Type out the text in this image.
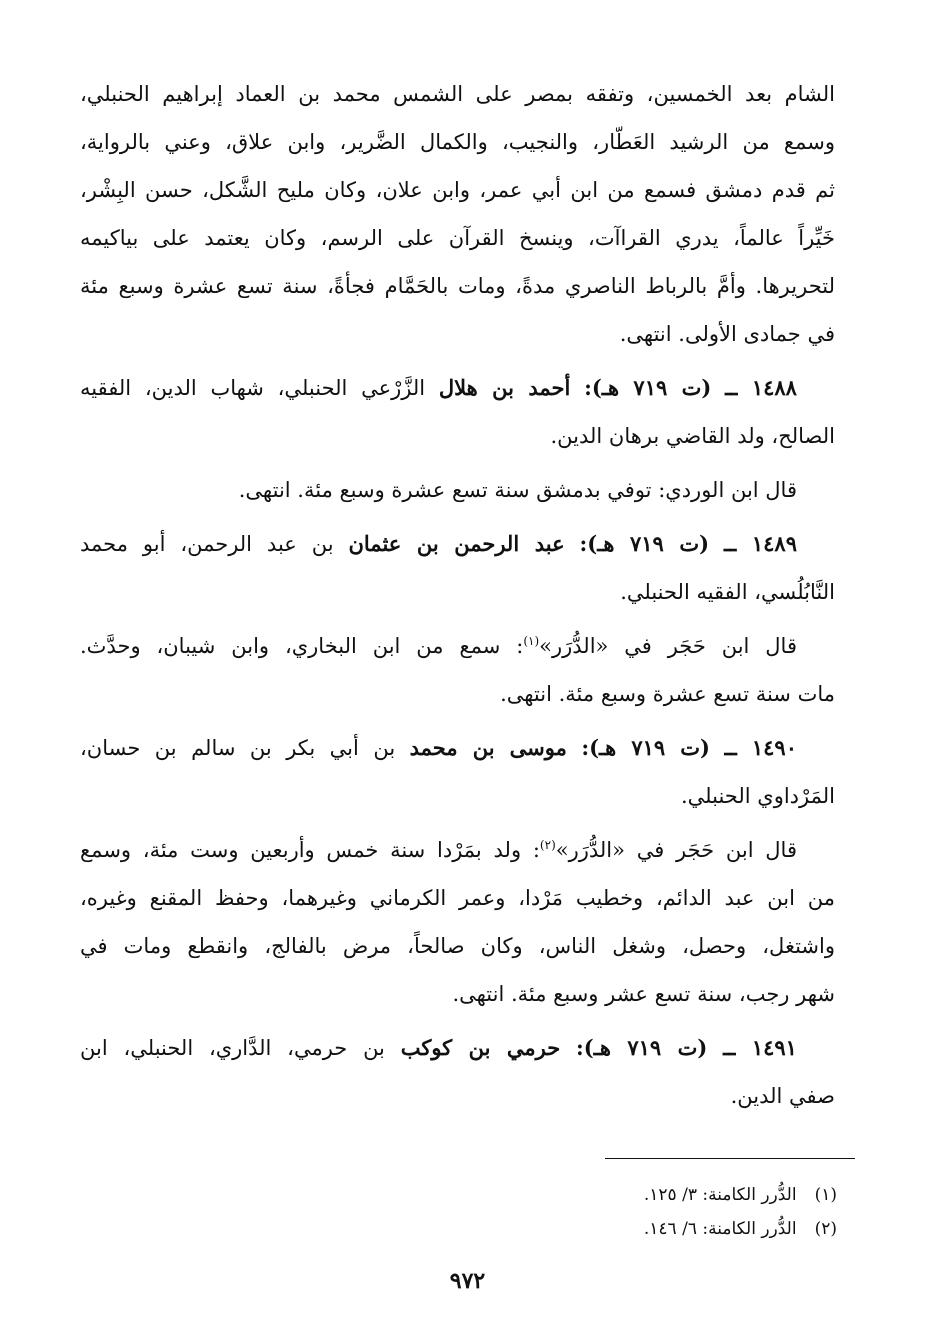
الشام بعد الخمسين، وتفقه بمصر على الشمس محمد بن العماد إبراهيم الحنبلي،
وسمع من الرشيد العَطّار، والنجيب، والكمال الضَّرير، وابن علاق، وعني بالرواية،
ثم قدم دمشق فسمع من ابن أبي عمر، وابن علان، وكان مليح الشَّكل، حسن البِشْر،
خَيِّراً عالماً، يدري القراآت، وينسخ القرآن على الرسم، وكان يعتمد على بياكيمه
لتحريرها. وأمَّ بالرباط الناصري مدةً، ومات بالحَمَّام فجأةً، سنة تسع عشرة وسبع مئة
في جمادى الأولى. انتهى.
١٤٨٨ ــ (ت ٧١٩ هـ): أحمد بن هلال الزَّرْعي الحنبلي، شهاب الدين، الفقيه
الصالح، ولد القاضي برهان الدين.
قال ابن الوردي: توفي بدمشق سنة تسع عشرة وسبع مئة. انتهى.
١٤٨٩ ــ (ت ٧١٩ هـ): عبد الرحمن بن عثمان بن عبد الرحمن، أبو محمد
النَّابُلُسي، الفقيه الحنبلي.
قال ابن حَجَر في «الدُّرَر»$^{(١)}$: سمع من ابن البخاري، وابن شيبان، وحدَّث.
مات سنة تسع عشرة وسبع مئة. انتهى.
١٤٩٠ ــ (ت ٧١٩ هـ): موسى بن محمد بن أبي بكر بن سالم بن حسان،
المَرْداوي الحنبلي.
قال ابن حَجَر في «الدُّرَر»$^{(٢)}$: ولد بمَرْدا سنة خمس وأربعين وست مئة، وسمع
من ابن عبد الدائم، وخطيب مَرْدا، وعمر الكرماني وغيرهما، وحفظ المقنع وغيره،
واشتغل، وحصل، وشغل الناس، وكان صالحاً، مرض بالفالج، وانقطع ومات في
شهر رجب، سنة تسع عشر وسبع مئة. انتهى.
١٤٩١ ــ (ت ٧١٩ هـ): حرمي بن كوكب بن حرمي، الدَّاري، الحنبلي، ابن
صفي الدين.
(١)الدُّرر الكامنة: ٣/ ١٢٥.
(٢)الدُّرر الكامنة: ٦/ ١٤٦.
٩٧٢
